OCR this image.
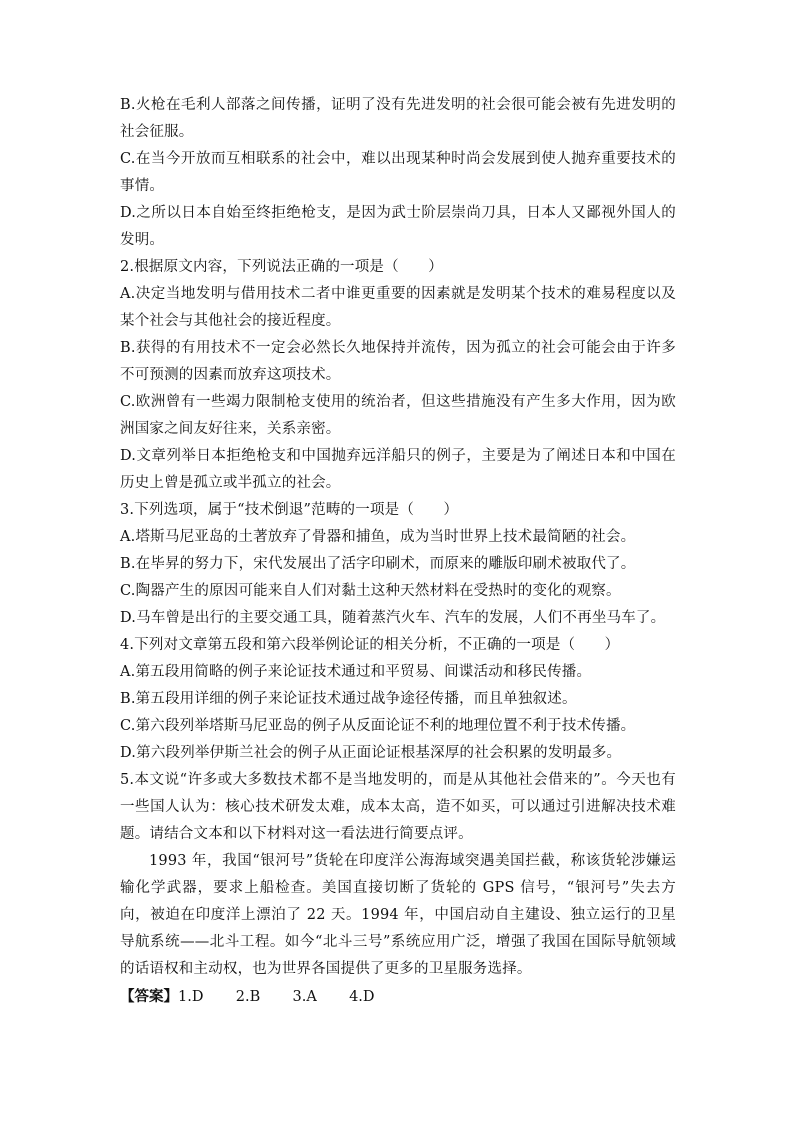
B.火枪在毛利人部落之间传播，证明了没有先进发明的社会很可能会被有先进发明的社会征服。

C.在当今开放而互相联系的社会中，难以出现某种时尚会发展到使人抛弃重要技术的事情。

D.之所以日本自始至终拒绝枪支，是因为武士阶层崇尚刀具，日本人又鄙视外国人的发明。

2.根据原文内容，下列说法正确的一项是（　　）

A.决定当地发明与借用技术二者中谁更重要的因素就是发明某个技术的难易程度以及某个社会与其他社会的接近程度。

B.获得的有用技术不一定会必然长久地保持并流传，因为孤立的社会可能会由于许多不可预测的因素而放弃这项技术。

C.欧洲曾有一些竭力限制枪支使用的统治者，但这些措施没有产生多大作用，因为欧洲国家之间友好往来，关系亲密。

D.文章列举日本拒绝枪支和中国抛弃远洋船只的例子，主要是为了阐述日本和中国在历史上曾是孤立或半孤立的社会。

3.下列选项，属于“技术倒退”范畴的一项是（　　）

A.塔斯马尼亚岛的土著放弃了骨器和捕鱼，成为当时世界上技术最简陋的社会。

B.在毕昇的努力下，宋代发展出了活字印刷术，而原来的雕版印刷术被取代了。

C.陶器产生的原因可能来自人们对黏土这种天然材料在受热时的变化的观察。

D.马车曾是出行的主要交通工具，随着蒸汽火车、汽车的发展，人们不再坐马车了。

4.下列对文章第五段和第六段举例论证的相关分析，不正确的一项是（　　）

A.第五段用简略的例子来论证技术通过和平贸易、间谍活动和移民传播。

B.第五段用详细的例子来论证技术通过战争途径传播，而且单独叙述。

C.第六段列举塔斯马尼亚岛的例子从反面论证不利的地理位置不利于技术传播。

D.第六段列举伊斯兰社会的例子从正面论证根基深厚的社会积累的发明最多。

5.本文说“许多或大多数技术都不是当地发明的，而是从其他社会借来的”。今天也有一些国人认为：核心技术研发太难，成本太高，造不如买，可以通过引进解决技术难题。请结合文本和以下材料对这一看法进行简要点评。

1993 年，我国“银河号”货轮在印度洋公海海域突遇美国拦截，称该货轮涉嫌运输化学武器，要求上船检查。美国直接切断了货轮的 GPS 信号，“银河号”失去方向，被迫在印度洋上漂泊了 22 天。1994 年，中国启动自主建设、独立运行的卫星导航系统——北斗工程。如今“北斗三号”系统应用广泛，增强了我国在国际导航领域的话语权和主动权，也为世界各国提供了更多的卫星服务选择。

【答案】1.D 2.B 3.A 4.D
